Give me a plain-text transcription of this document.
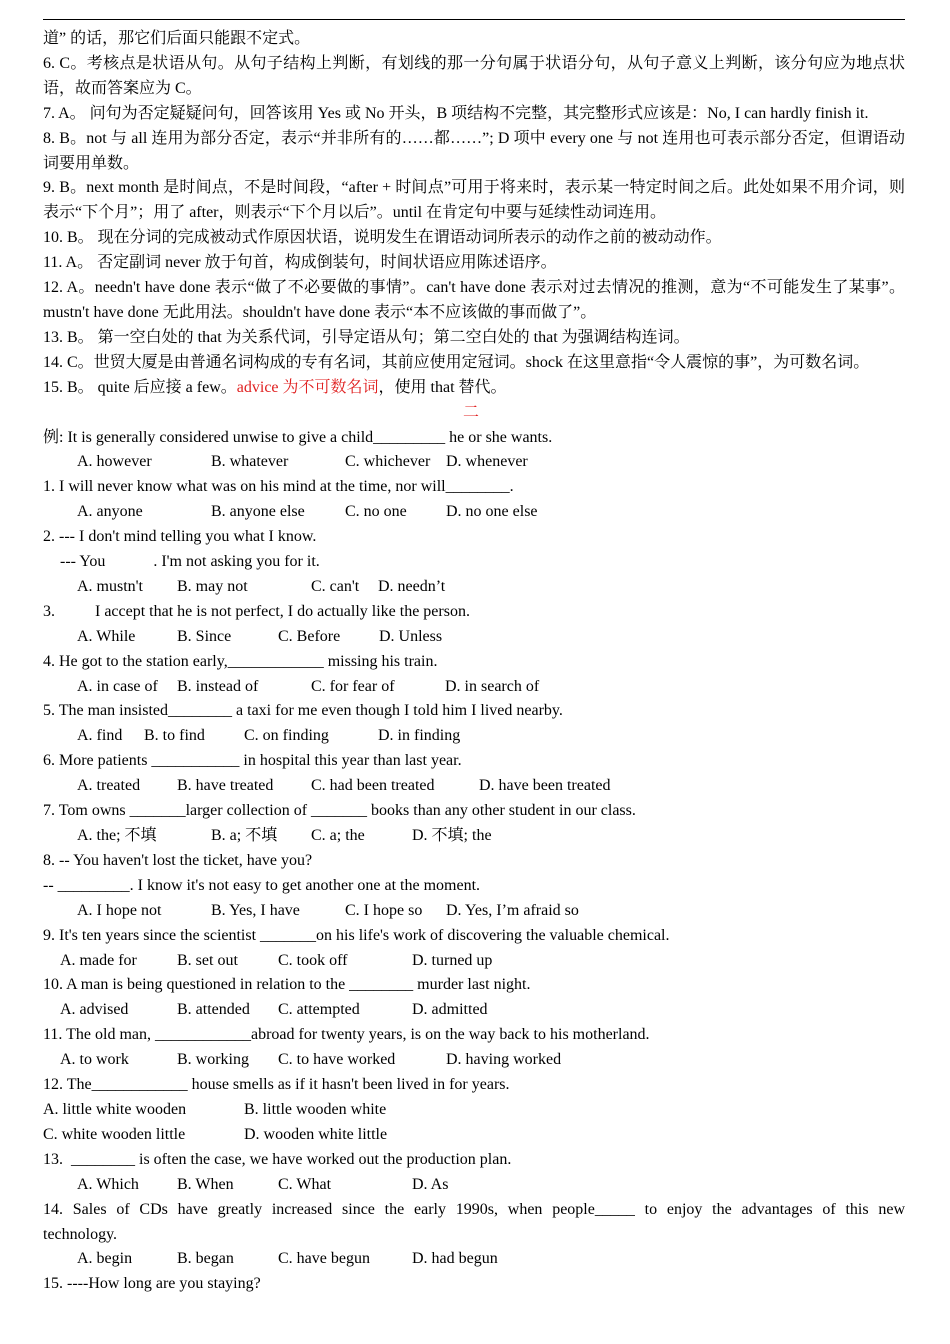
道” 的话，那它们后面只能跟不定式。
6. C。考核点是状语从句。从句子结构上判断，有划线的那一分句属于状语分句，从句子意义上判断，该分句应为地点状语，故而答案应为 C。
7. A。 问句为否定疑疑问句，回答该用 Yes 或 No 开头，B 项结构不完整，其完整形式应该是：No, I can hardly finish it.
8. B。not 与 all 连用为部分否定，表示“并非所有的……都……”; D 项中 every one 与 not 连用也可表示部分否定，但谓语动词要用单数。
9. B。next month 是时间点，不是时间段，“after + 时间点”可用于将来时，表示某一特定时间之后。此处如果不用介词，则表示“下个月”；用了 after，则表示“下个月以后”。until 在肯定句中要与延续性动词连用。
10. B。 现在分词的完成被动式作原因状语，说明发生在谓语动词所表示的动作之前的被动动作。
11. A。 否定副词 never 放于句首，构成倒装句，时间状语应用陈述语序。
12. A。needn't have done 表示“做了不必要做的事情”。can't have done 表示对过去情况的推测，意为“不可能发生了某事”。mustn't have done 无此用法。shouldn't have done 表示“本不应该做的事而做了”。
13. B。 第一空白处的 that 为关系代词，引导定语从句；第二空白处的 that 为强调结构连词。
14. C。世贸大厦是由普通名词构成的专有名词，其前应使用定冠词。shock 在这里意指“令人震惊的事”，为可数名词。
15. B。 quite 后应接 a few。advice 为不可数名词，使用 that 替代。
二
例: It is generally considered unwise to give a child_________ he or she wants.
A. however	B. whatever	C. whichever D. whenever
1. I will never know what was on his mind at the time, nor will________.
A. anyone	B. anyone else	C. no one D. no one else
2. --- I don't mind telling you what I know.
--- You            . I'm not asking you for it.
A. mustn't B. may not	C. can't D. needn’t
3.          I accept that he is not perfect, I do actually like the person.
A. While	B. Since	C. Before D. Unless
4. He got to the station early,____________ missing his train.
A. in case of B. instead of	C. for fear of	D. in search of
5. The man insisted________ a taxi for me even though I told him I lived nearby.
A. find B. to find C. on finding	D. in finding
6. More patients ___________ in hospital this year than last year.
A. treated B. have treated C. had been treated	D. have been treated
7. Tom owns _______larger collection of _______ books than any other student in our class.
A. the; 不填	B. a; 不填 C. a; the	D. 不填; the
8. -- You haven't lost the ticket, have you?
-- _________. I know it's not easy to get another one at the moment.
A. I hope not	B. Yes, I have	C. I hope so D. Yes, I’m afraid so
9. It's ten years since the scientist _______on his life's work of discovering the valuable chemical.
A. made for	B. set out	C. took off	D. turned up
10. A man is being questioned in relation to the ________ murder last night.
A. advised	B. attended C. attempted	D. admitted
11. The old man, ____________abroad for twenty years, is on the way back to his motherland.
A. to work	B. working C. to have worked	D. having worked
12. The____________ house smells as if it hasn't been lived in for years.
A. little white wooden	B. little wooden white
C. white wooden little	D. wooden white little
13.  ________ is often the case, we have worked out the production plan.
A. Which B. When	C. What	D. As
14. Sales of CDs have greatly increased since the early 1990s, when people_____ to enjoy the advantages of this new
technology.
A. begin	B. began	C. have begun	D. had begun
15. ----How long are you staying?
